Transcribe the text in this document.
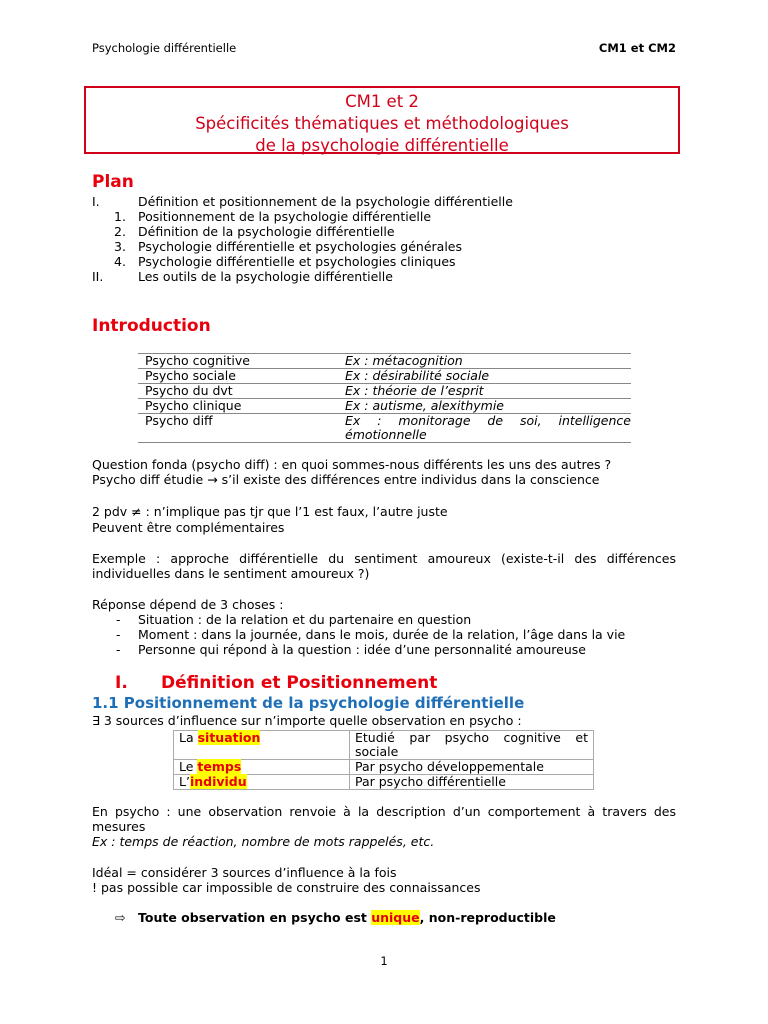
Psychologie différentielle	CM1 et CM2
CM1 et 2
Spécificités thématiques et méthodologiques
de la psychologie différentielle
Plan
I.	Définition et positionnement de la psychologie différentielle
1. Positionnement de la psychologie différentielle
2. Définition de la psychologie différentielle
3. Psychologie différentielle et psychologies générales
4. Psychologie différentielle et psychologies cliniques
II.	Les outils de la psychologie différentielle
Introduction
Psycho cognitive	Ex : métacognition
Psycho sociale	Ex : désirabilité sociale
Psycho du dvt	Ex : théorie de l’esprit
Psycho clinique	Ex : autisme, alexithymie
Psycho diff	Ex : monitorage de soi, intelligence émotionnelle
Question fonda (psycho diff) : en quoi sommes-nous différents les uns des autres ?
Psycho diff étudie → s’il existe des différences entre individus dans la conscience
2 pdv ≠ : n’implique pas tjr que l’1 est faux, l’autre juste
Peuvent être complémentaires
Exemple : approche différentielle du sentiment amoureux (existe-t-il des différences
individuelles dans le sentiment amoureux ?)
Réponse dépend de 3 choses :
- Situation : de la relation et du partenaire en question
- Moment : dans la journée, dans le mois, durée de la relation, l’âge dans la vie
- Personne qui répond à la question : idée d’une personnalité amoureuse
I. Définition et Positionnement
1.1 Positionnement de la psychologie différentielle
∃ 3 sources d’influence sur n’importe quelle observation en psycho :
La situation	Etudié par psycho cognitive et
sociale

Le temps	Par psycho développementale
L’individu	Par psycho différentielle
En psycho : une observation renvoie à la description d’un comportement à travers des
mesures
Ex : temps de réaction, nombre de mots rappelés, etc.
Idéal = considérer 3 sources d’influence à la fois
! pas possible car impossible de construire des connaissances
⇨ Toute observation en psycho est unique, non-reproductible
1
